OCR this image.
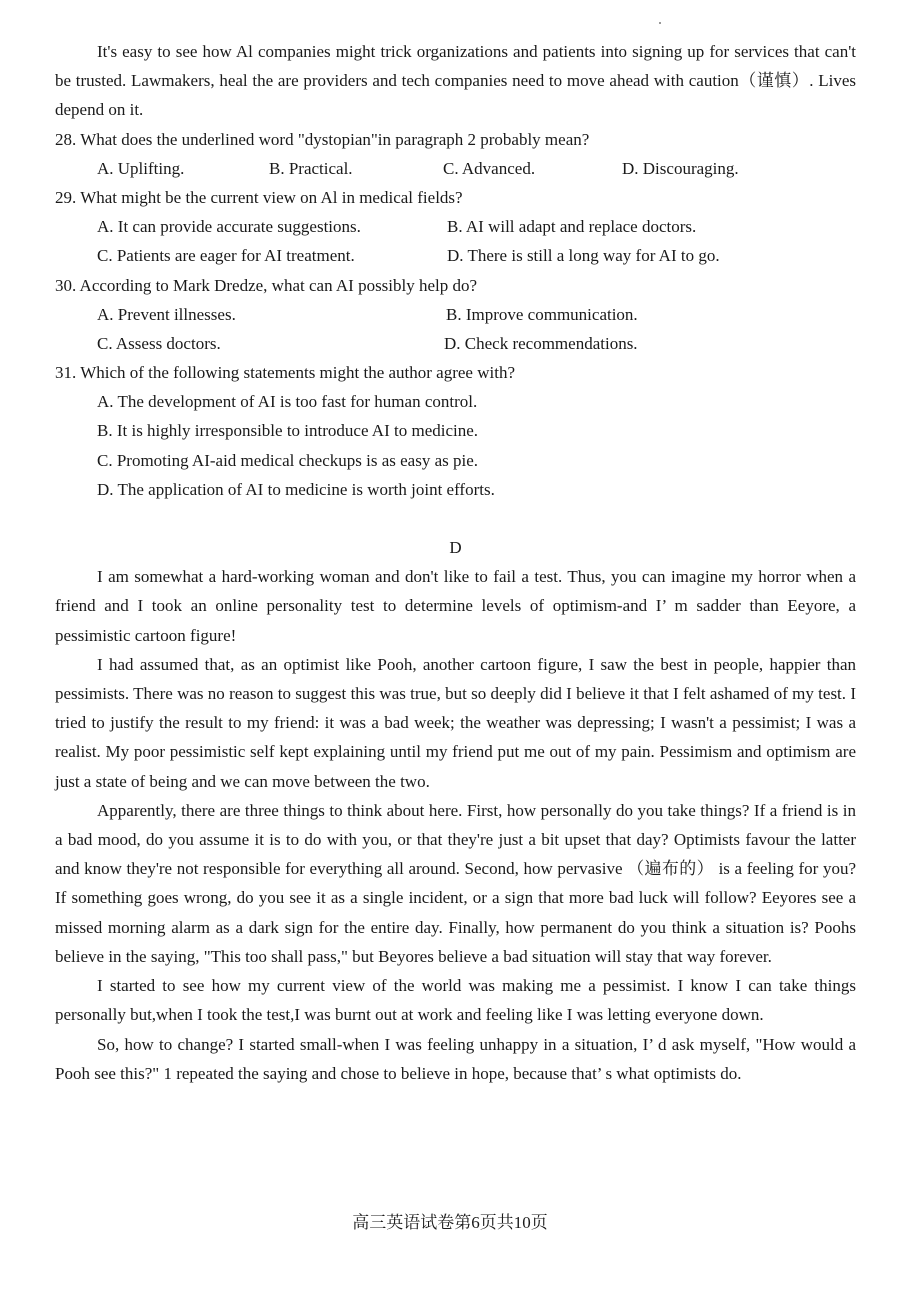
It's easy to see how Al companies might trick organizations and patients into signing up for services that can't be trusted. Lawmakers, heal the are providers and tech companies need to move ahead with caution（谨慎）. Lives depend on it.

28. What does the underlined word "dystopian"in paragraph 2 probably mean?
A. Uplifting.	B. Practical.	C. Advanced.	D. Discouraging.
29. What might be the current view on Al in medical fields?
A. It can provide accurate suggestions.	B. AI will adapt and replace doctors.
C. Patients are eager for AI treatment.	D. There is still a long way for AI to go.
30. According to Mark Dredze, what can AI possibly help do?
A. Prevent illnesses.	B. Improve communication.
C. Assess doctors.	D. Check recommendations.
31. Which of the following statements might the author agree with?
A. The development of AI is too fast for human control.
B. It is highly irresponsible to introduce AI to medicine.
C. Promoting AI-aid medical checkups is as easy as pie.
D. The application of AI to medicine is worth joint efforts.
D

I am somewhat a hard-working woman and don't like to fail a test. Thus, you can imagine my horror when a friend and I took an online personality test to determine levels of optimism-and I’ m sadder than Eeyore, a pessimistic cartoon figure!

I had assumed that, as an optimist like Pooh, another cartoon figure, I saw the best in people, happier than pessimists. There was no reason to suggest this was true, but so deeply did I believe it that I felt ashamed of my test. I tried to justify the result to my friend: it was a bad week; the weather was depressing; I wasn't a pessimist; I was a realist. My poor pessimistic self kept explaining until my friend put me out of my pain. Pessimism and optimism are just a state of being and we can move between the two.

Apparently, there are three things to think about here. First, how personally do you take things? If a friend is in a bad mood, do you assume it is to do with you, or that they're just a bit upset that day? Optimists favour the latter and know they're not responsible for everything all around. Second, how pervasive （遍布的） is a feeling for you? If something goes wrong, do you see it as a single incident, or a sign that more bad luck will follow? Eeyores see a missed morning alarm as a dark sign for the entire day. Finally, how permanent do you think a situation is? Poohs believe in the saying, "This too shall pass," but Beyores believe a bad situation will stay that way forever.

I started to see how my current view of the world was making me a pessimist. I know I can take things personally but,when I took the test,I was burnt out at work and feeling like I was letting everyone down.

So, how to change? I started small-when I was feeling unhappy in a situation, I’ d ask myself, "How would a Pooh see this?" 1 repeated the saying and chose to believe in hope, because that’ s what optimists do.

高三英语试卷第6页共10页
